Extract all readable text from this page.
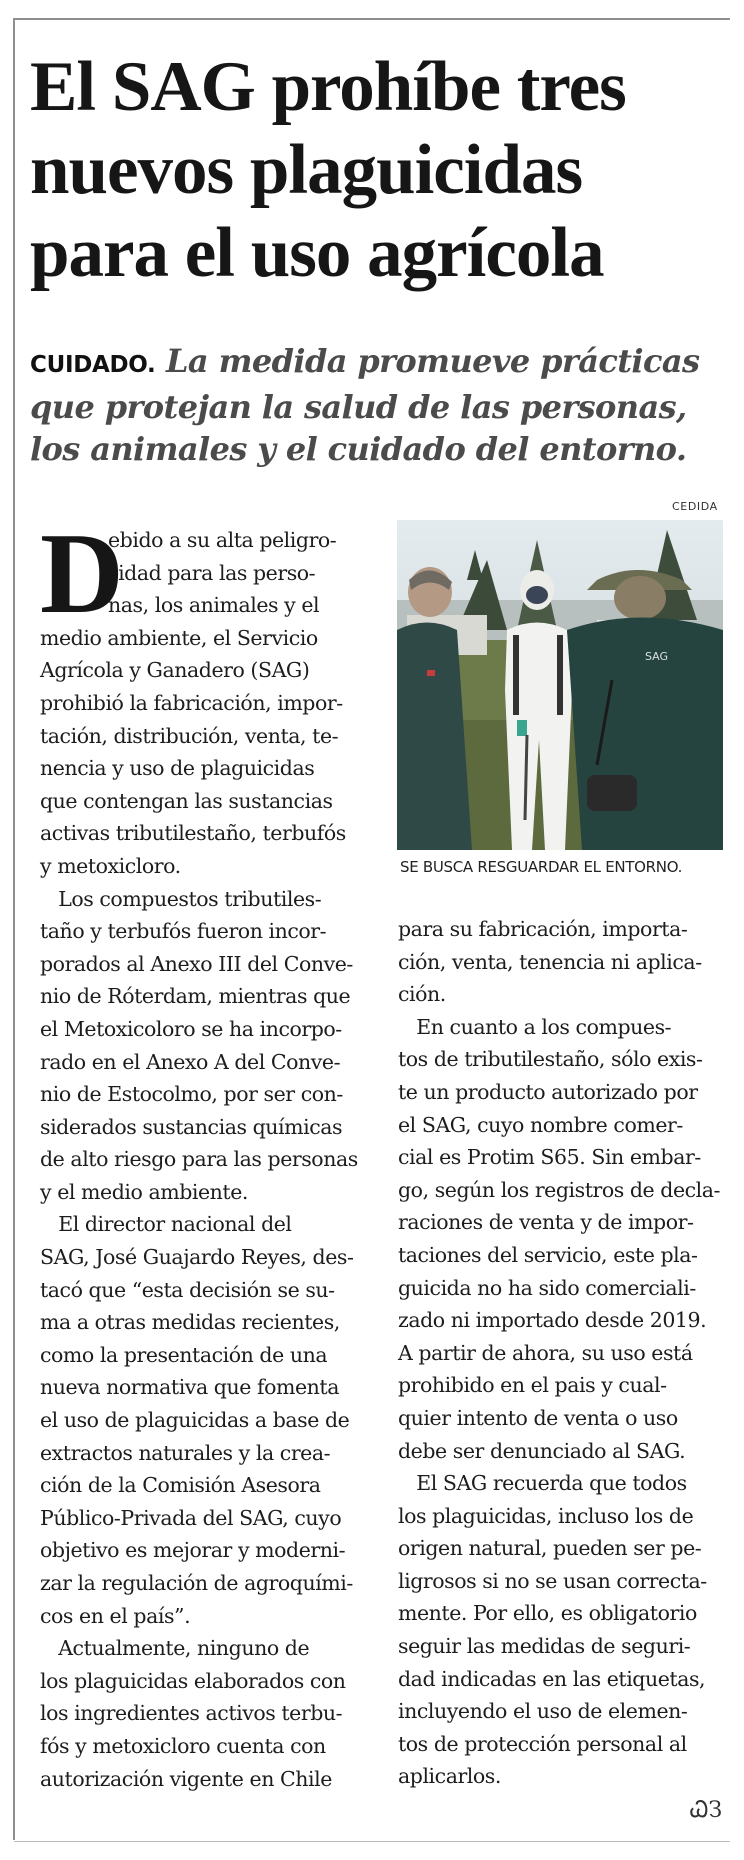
El SAG prohíbe tres
nuevos plaguicidas
para el uso agrícola

CUIDADO. La medida promueve prácticas
que protejan la salud de las personas,
los animales y el cuidado del entorno.

CEDIDA
SAG
SE BUSCA RESGUARDAR EL ENTORNO.
D
ebido a su alta peligro-
sidad para las perso-
nas, los animales y el
medio ambiente, el Servicio
Agrícola y Ganadero (SAG)
prohibió la fabricación, impor-
tación, distribución, venta, te-
nencia y uso de plaguicidas
que contengan las sustancias
activas tributilestaño, terbufós
y metoxicloro.
Los compuestos tributiles-
taño y terbufós fueron incor-
porados al Anexo III del Conve-
nio de Róterdam, mientras que
el Metoxicoloro se ha incorpo-
rado en el Anexo A del Conve-
nio de Estocolmo, por ser con-
siderados sustancias químicas
de alto riesgo para las personas
y el medio ambiente.
El director nacional del
SAG, José Guajardo Reyes, des-
tacó que “esta decisión se su-
ma a otras medidas recientes,
como la presentación de una
nueva normativa que fomenta
el uso de plaguicidas a base de
extractos naturales y la crea-
ción de la Comisión Asesora
Público-Privada del SAG, cuyo
objetivo es mejorar y moderni-
zar la regulación de agroquími-
cos en el país”.
Actualmente, ninguno de
los plaguicidas elaborados con
los ingredientes activos terbu-
fós y metoxicloro cuenta con
autorización vigente en Chile
para su fabricación, importa-
ción, venta, tenencia ni aplica-
ción.
En cuanto a los compues-
tos de tributilestaño, sólo exis-
te un producto autorizado por
el SAG, cuyo nombre comer-
cial es Protim S65. Sin embar-
go, según los registros de decla-
raciones de venta y de impor-
taciones del servicio, este pla-
guicida no ha sido comerciali-
zado ni importado desde 2019.
A partir de ahora, su uso está
prohibido en el pais y cual-
quier intento de venta o uso
debe ser denunciado al SAG.
El SAG recuerda que todos
los plaguicidas, incluso los de
origen natural, pueden ser pe-
ligrosos si no se usan correcta-
mente. Por ello, es obligatorio
seguir las medidas de seguri-
dad indicadas en las etiquetas,
incluyendo el uso de elemen-
tos de protección personal al
aplicarlos.
ᏇЗ
